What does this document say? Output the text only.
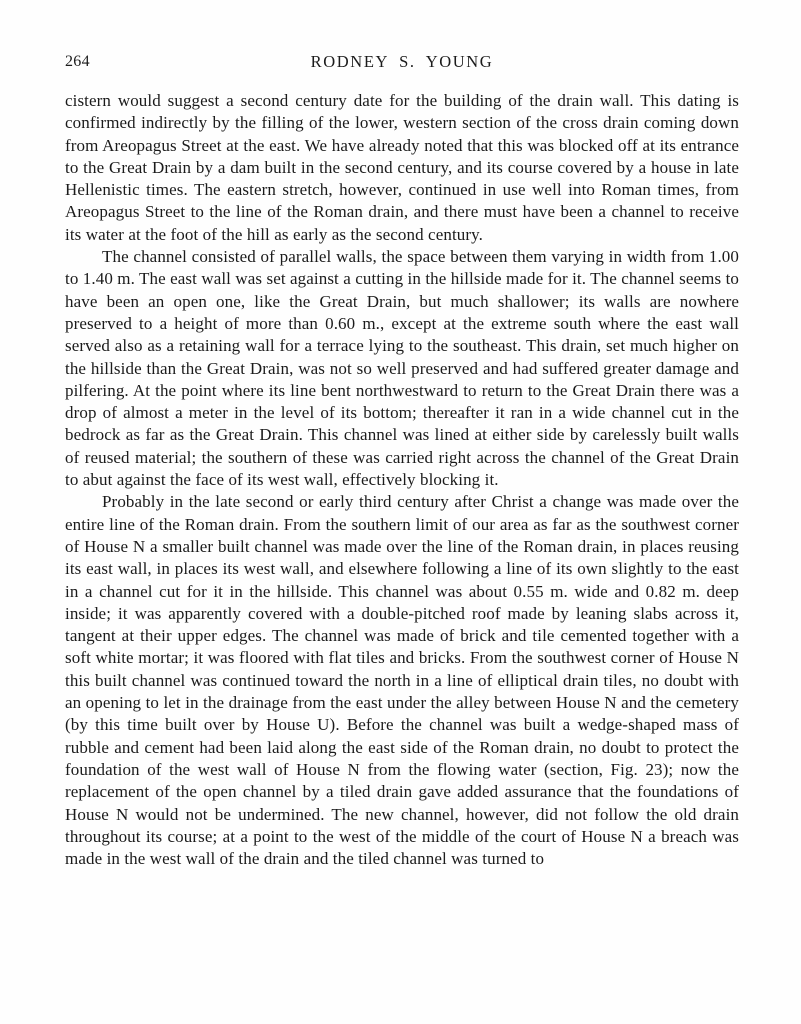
264	RODNEY S. YOUNG

cistern would suggest a second century date for the building of the drain wall. This dating is confirmed indirectly by the filling of the lower, western section of the cross drain coming down from Areopagus Street at the east. We have already noted that this was blocked off at its entrance to the Great Drain by a dam built in the second century, and its course covered by a house in late Hellenistic times. The eastern stretch, however, continued in use well into Roman times, from Areopagus Street to the line of the Roman drain, and there must have been a channel to receive its water at the foot of the hill as early as the second century.

The channel consisted of parallel walls, the space between them varying in width from 1.00 to 1.40 m. The east wall was set against a cutting in the hillside made for it. The channel seems to have been an open one, like the Great Drain, but much shallower; its walls are nowhere preserved to a height of more than 0.60 m., except at the extreme south where the east wall served also as a retaining wall for a terrace lying to the southeast. This drain, set much higher on the hillside than the Great Drain, was not so well preserved and had suffered greater damage and pilfering. At the point where its line bent northwestward to return to the Great Drain there was a drop of almost a meter in the level of its bottom; thereafter it ran in a wide channel cut in the bedrock as far as the Great Drain. This channel was lined at either side by carelessly built walls of reused material; the southern of these was carried right across the channel of the Great Drain to abut against the face of its west wall, effectively blocking it.

Probably in the late second or early third century after Christ a change was made over the entire line of the Roman drain. From the southern limit of our area as far as the southwest corner of House N a smaller built channel was made over the line of the Roman drain, in places reusing its east wall, in places its west wall, and elsewhere following a line of its own slightly to the east in a channel cut for it in the hillside. This channel was about 0.55 m. wide and 0.82 m. deep inside; it was apparently covered with a double-pitched roof made by leaning slabs across it, tangent at their upper edges. The channel was made of brick and tile cemented together with a soft white mortar; it was floored with flat tiles and bricks. From the southwest corner of House N this built channel was continued toward the north in a line of elliptical drain tiles, no doubt with an opening to let in the drainage from the east under the alley between House N and the cemetery (by this time built over by House U). Before the channel was built a wedge-shaped mass of rubble and cement had been laid along the east side of the Roman drain, no doubt to protect the foundation of the west wall of House N from the flowing water (section, Fig. 23); now the replacement of the open channel by a tiled drain gave added assurance that the foundations of House N would not be undermined. The new channel, however, did not follow the old drain throughout its course; at a point to the west of the middle of the court of House N a breach was made in the west wall of the drain and the tiled channel was turned to
